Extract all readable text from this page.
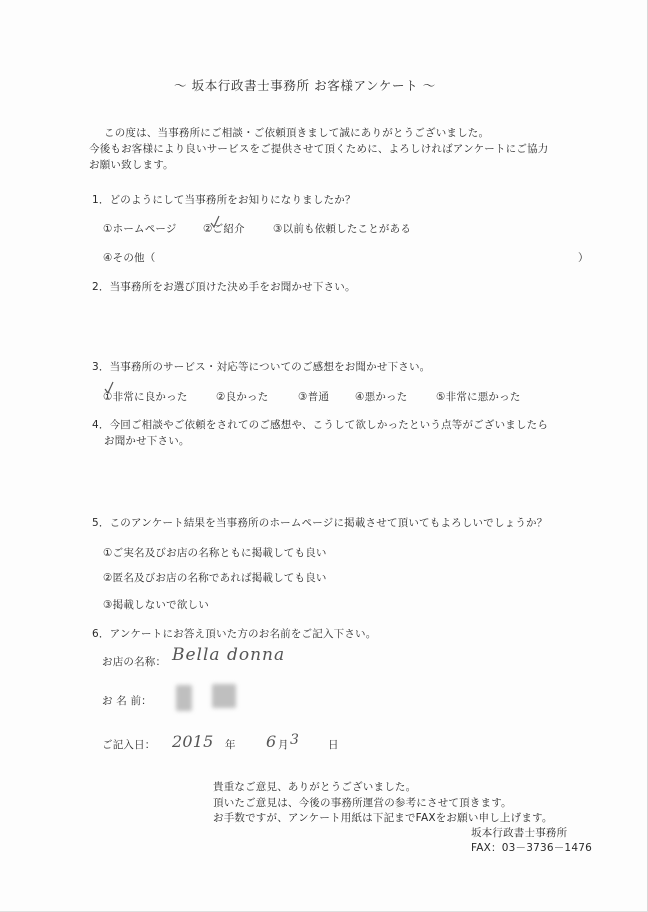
〜 坂本行政書士事務所 お客様アンケート 〜
この度は、当事務所にご相談・ご依頼頂きまして誠にありがとうございました。
今後もお客様により良いサービスをご提供させて頂くために、よろしければアンケートにご協力
お願い致します。
1．どのようにして当事務所をお知りになりましたか？
①ホームページ	②ご紹介	③以前も依頼したことがある
④その他（	）
2．当事務所をお選び頂けた決め手をお聞かせ下さい。
3．当事務所のサービス・対応等についてのご感想をお聞かせ下さい。
①非常に良かった	②良かった	③普通 ④悪かった	⑤非常に悪かった
4．今回ご相談やご依頼をされてのご感想や、こうして欲しかったという点等がございましたら
お聞かせ下さい。
5．このアンケート結果を当事務所のホームページに掲載させて頂いてもよろしいでしょうか？
①ご実名及びお店の名称ともに掲載しても良い
②匿名及びお店の名称であれば掲載しても良い
③掲載しないで欲しい
6．アンケートにお答え頂いた方のお名前をご記入下さい。
お店の名称： Bella donna
お 名 前：
ご記入日： 2015 年 6 月 3	日
貴重なご意見、ありがとうございました。
頂いたご意見は、今後の事務所運営の参考にさせて頂きます。
お手数ですが、アンケート用紙は下記までFAXをお願い申し上げます。
坂本行政書士事務所
FAX：03－3736－1476
